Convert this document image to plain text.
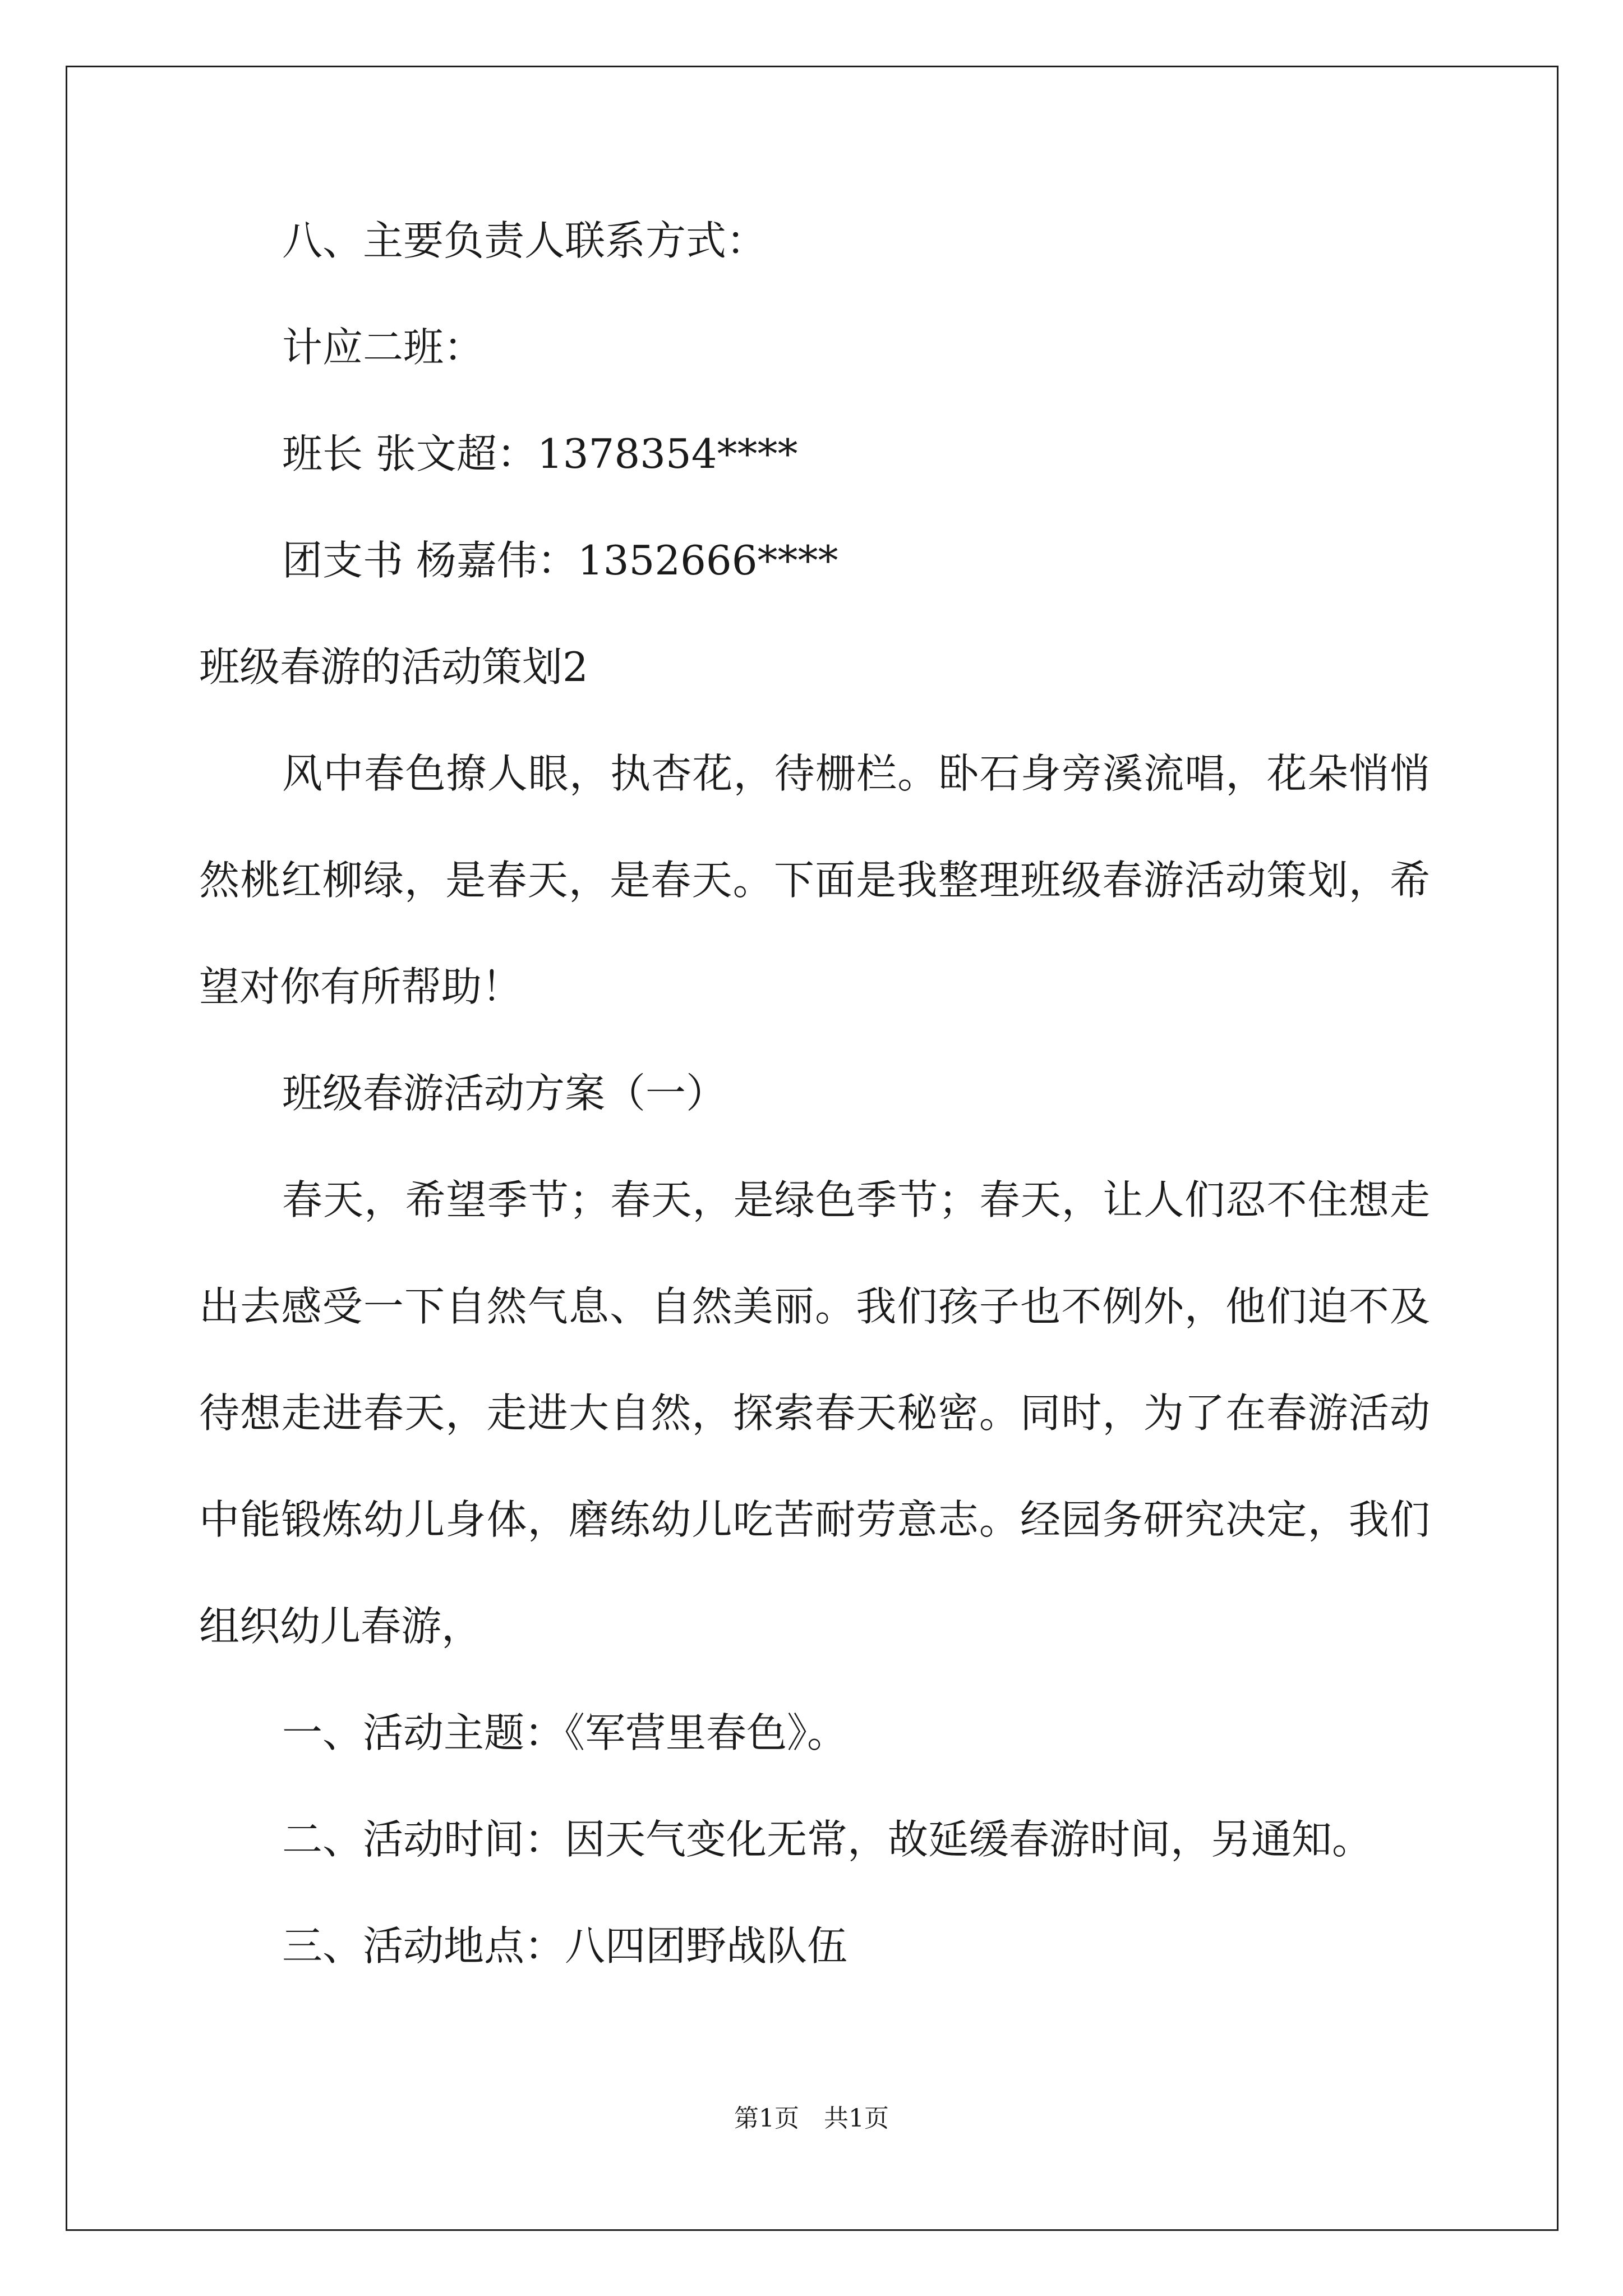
八、主要负责人联系方式：

计应二班：

班长 张文超：1378354****

团支书 杨嘉伟：1352666****

班级春游的活动策划2

风中春色撩人眼，执杏花，待栅栏。卧石身旁溪流唱，花朵悄悄然桃红柳绿，是春天，是春天。下面是我整理班级春游活动策划，希望对你有所帮助！

班级春游活动方案（一）

春天，希望季节；春天，是绿色季节；春天，让人们忍不住想走出去感受一下自然气息、自然美丽。我们孩子也不例外，他们迫不及待想走进春天，走进大自然，探索春天秘密。同时，为了在春游活动中能锻炼幼儿身体，磨练幼儿吃苦耐劳意志。经园务研究决定，我们组织幼儿春游，

一、活动主题：《军营里春色》。

二、活动时间：因天气变化无常，故延缓春游时间，另通知。

三、活动地点：八四团野战队伍

第1页　共1页
